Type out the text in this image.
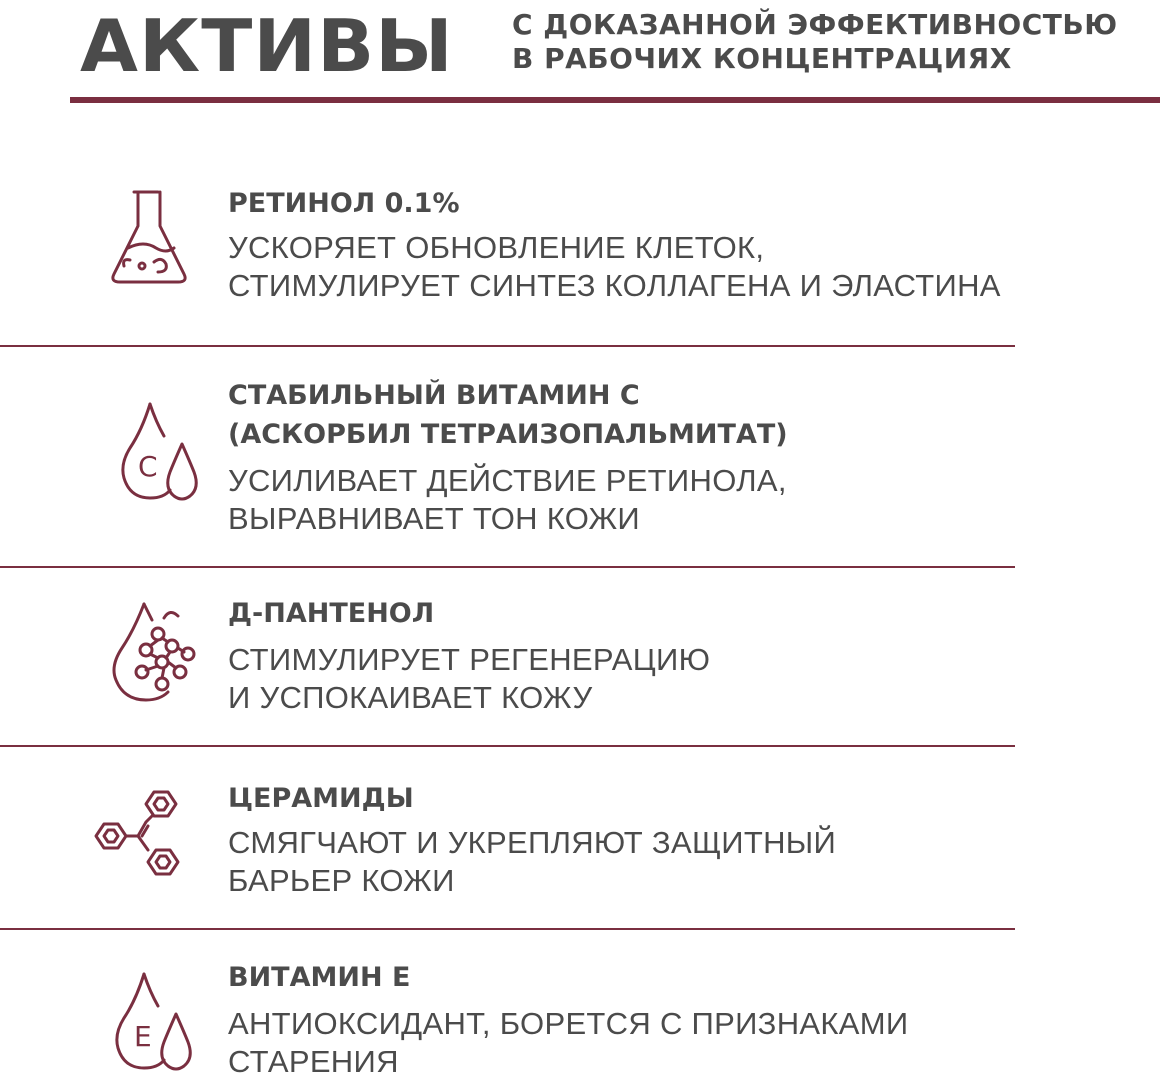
АКТИВЫ С ДОКАЗАННОЙ ЭФФЕКТИВНОСТЬЮ
В РАБОЧИХ КОНЦЕНТРАЦИЯХ
РЕТИНОЛ 0.1%
УСКОРЯЕТ ОБНОВЛЕНИЕ КЛЕТОК,
СТИМУЛИРУЕТ СИНТЕЗ КОЛЛАГЕНА И ЭЛАСТИНА
C
СТАБИЛЬНЫЙ ВИТАМИН С
(АСКОРБИЛ ТЕТРАИЗОПАЛЬМИТАТ)
УСИЛИВАЕТ ДЕЙСТВИЕ РЕТИНОЛА,
ВЫРАВНИВАЕТ ТОН КОЖИ
Д-ПАНТЕНОЛ
СТИМУЛИРУЕТ РЕГЕНЕРАЦИЮ
И УСПОКАИВАЕТ КОЖУ
ЦЕРАМИДЫ
СМЯГЧАЮТ И УКРЕПЛЯЮТ ЗАЩИТНЫЙ
БАРЬЕР КОЖИ
E
ВИТАМИН Е
АНТИОКСИДАНТ, БОРЕТСЯ С ПРИЗНАКАМИ
СТАРЕНИЯ
